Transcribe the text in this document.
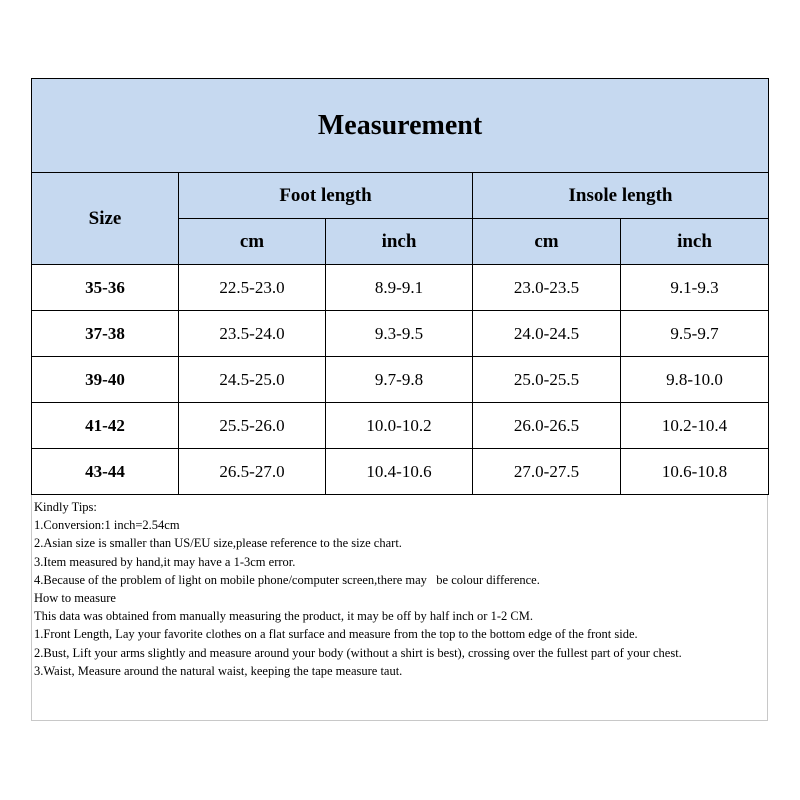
Measurement				
Size	Foot length		Insole length	
	cm	inch	cm	inch
35-36	22.5-23.0	8.9-9.1	23.0-23.5	9.1-9.3
37-38	23.5-24.0	9.3-9.5	24.0-24.5	9.5-9.7
39-40	24.5-25.0	9.7-9.8	25.0-25.5	9.8-10.0
41-42	25.5-26.0	10.0-10.2	26.0-26.5	10.2-10.4
43-44	26.5-27.0	10.4-10.6	27.0-27.5	10.6-10.8
Kindly Tips:
1.Conversion:1 inch=2.54cm
2.Asian size is smaller than US/EU size,please reference to the size chart.
3.Item measured by hand,it may have a 1-3cm error.
4.Because of the problem of light on mobile phone/computer screen,there may   be colour difference.
How to measure
This data was obtained from manually measuring the product, it may be off by half inch or 1-2 CM.
1.Front Length, Lay your favorite clothes on a flat surface and measure from the top to the bottom edge of the front side.
2.Bust, Lift your arms slightly and measure around your body (without a shirt is best), crossing over the fullest part of your chest.
3.Waist, Measure around the natural waist, keeping the tape measure taut.
